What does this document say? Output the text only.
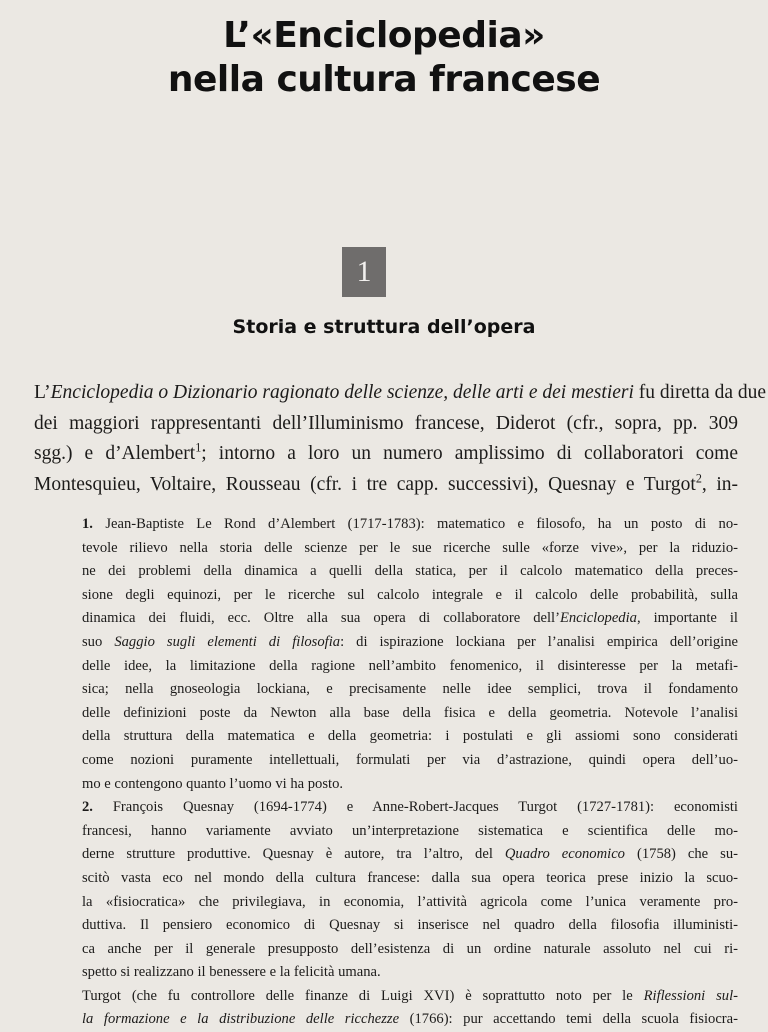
L’«Enciclopedia»
nella cultura francese
1
Storia e struttura dell’opera
L’Enciclopedia o Dizionario ragionato delle scienze, delle arti e dei mestieri fu diretta da due
dei maggiori rappresentanti dell’Illuminismo francese, Diderot (cfr., sopra, pp. 309
sgg.) e d’Alembert$^1$; intorno a loro un numero amplissimo di collaboratori come
Montesquieu, Voltaire, Rousseau (cfr. i tre capp. successivi), Quesnay e Turgot$^2$, in-
1. Jean-Baptiste Le Rond d’Alembert (1717-1783): matematico e filosofo, ha un posto di no-
tevole rilievo nella storia delle scienze per le sue ricerche sulle «forze vive», per la riduzio-
ne dei problemi della dinamica a quelli della statica, per il calcolo matematico della preces-
sione degli equinozi, per le ricerche sul calcolo integrale e il calcolo delle probabilità, sulla
dinamica dei fluidi, ecc. Oltre alla sua opera di collaboratore dell’Enciclopedia, importante il
suo Saggio sugli elementi di filosofia: di ispirazione lockiana per l’analisi empirica dell’origine
delle idee, la limitazione della ragione nell’ambito fenomenico, il disinteresse per la metafi-
sica; nella gnoseologia lockiana, e precisamente nelle idee semplici, trova il fondamento
delle definizioni poste da Newton alla base della fisica e della geometria. Notevole l’analisi
della struttura della matematica e della geometria: i postulati e gli assiomi sono considerati
come nozioni puramente intellettuali, formulati per via d’astrazione, quindi opera dell’uo-
mo e contengono quanto l’uomo vi ha posto.
2. François Quesnay (1694-1774) e Anne-Robert-Jacques Turgot (1727-1781): economisti
francesi, hanno variamente avviato un’interpretazione sistematica e scientifica delle mo-
derne strutture produttive. Quesnay è autore, tra l’altro, del Quadro economico (1758) che su-
scitò vasta eco nel mondo della cultura francese: dalla sua opera teorica prese inizio la scuo-
la «fisiocratica» che privilegiava, in economia, l’attività agricola come l’unica veramente pro-
duttiva. Il pensiero economico di Quesnay si inserisce nel quadro della filosofia illuministi-
ca anche per il generale presupposto dell’esistenza di un ordine naturale assoluto nel cui ri-
spetto si realizzano il benessere e la felicità umana.
Turgot (che fu controllore delle finanze di Luigi XVI) è soprattutto noto per le Riflessioni sul-
la formazione e la distribuzione delle ricchezze (1766): pur accettando temi della scuola fisiocra-
